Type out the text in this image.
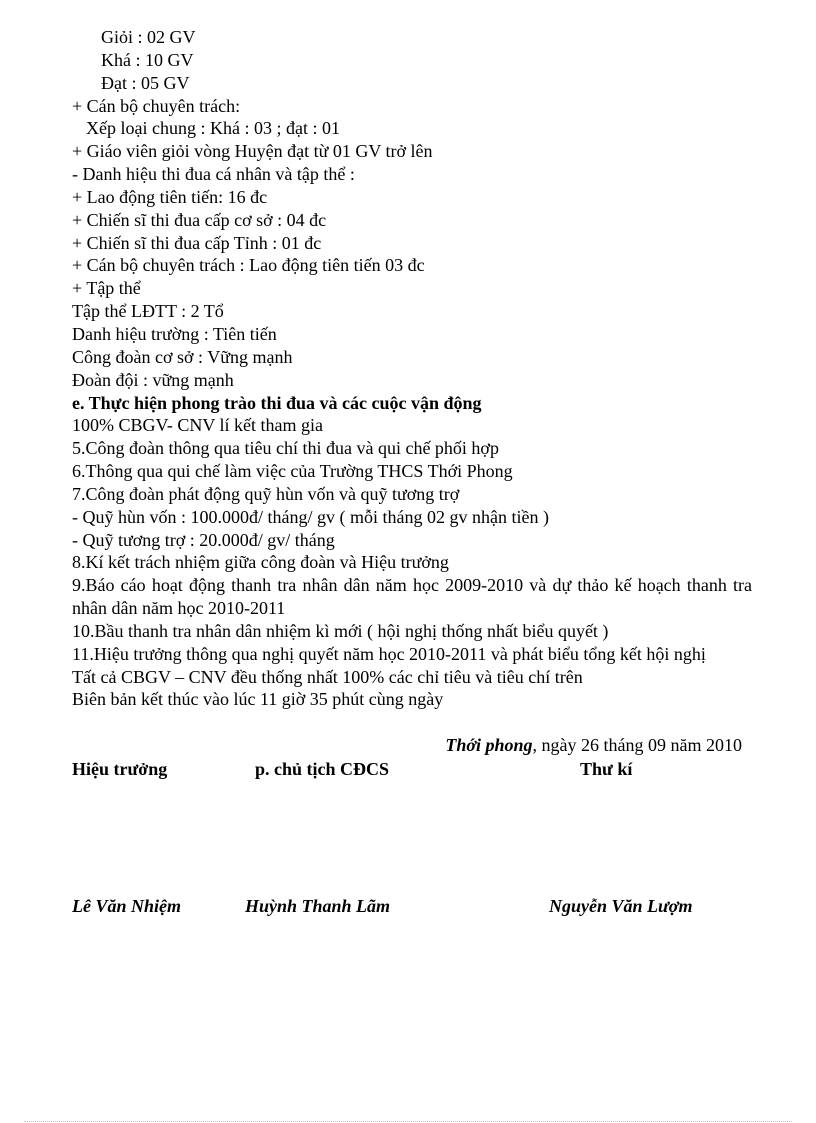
Giỏi : 02 GV
Khá : 10 GV
Đạt : 05 GV
+ Cán bộ chuyên trách:
Xếp loại chung : Khá : 03 ; đạt : 01
+ Giáo viên giỏi vòng Huyện đạt từ 01 GV trở lên
- Danh hiệu thi đua cá nhân và tập thể :
+ Lao động tiên tiến: 16 đc
+ Chiến sĩ thi đua cấp cơ sở : 04 đc
+ Chiến sĩ thi đua cấp Tỉnh : 01 đc
+ Cán bộ chuyên trách : Lao động tiên tiến 03 đc
+ Tập thể
Tập thể LĐTT : 2 Tổ
Danh hiệu trường : Tiên tiến
Công đoàn cơ sở : Vững mạnh
Đoàn đội : vững mạnh
e. Thực hiện phong trào thi đua và các cuộc vận động
100% CBGV- CNV lí kết tham gia
5.Công đoàn thông qua tiêu chí thi đua và qui chế phối hợp
6.Thông qua qui chế làm việc của Trường THCS Thới Phong
7.Công đoàn phát động quỹ hùn vốn và quỹ tương trợ
- Quỹ hùn vốn : 100.000đ/ tháng/ gv ( mỗi tháng 02 gv nhận tiền )
- Quỹ tương trợ : 20.000đ/ gv/ tháng
8.Kí kết trách nhiệm giữa công đoàn và Hiệu trưởng
9.Báo cáo hoạt động thanh tra nhân dân năm học 2009-2010 và dự thảo kế hoạch thanh tra nhân dân năm học 2010-2011
10.Bầu thanh tra nhân dân nhiệm kì mới ( hội nghị thống nhất biểu quyết )
11.Hiệu trưởng thông qua nghị quyết năm học 2010-2011 và phát biểu tổng kết hội nghị
Tất cả CBGV – CNV đều thống nhất 100% các chỉ tiêu và tiêu chí trên
Biên bản kết thúc vào lúc 11 giờ 35 phút cùng ngày
Thới phong, ngày 26 tháng 09 năm 2010
Hiệu trưởng	p. chủ tịch CĐCS	Thư kí
Lê Văn Nhiệm	Huỳnh Thanh Lãm	Nguyễn Văn Lượm
